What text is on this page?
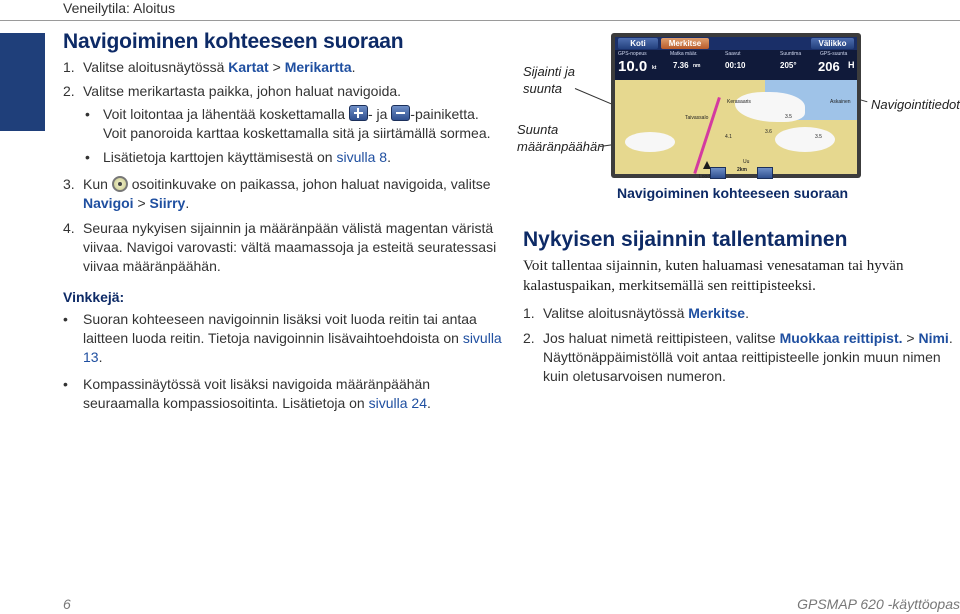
Veneilytila: Aloitus
Navigoiminen kohteeseen suoraan
1. Valitse aloitusnäytössä Kartat > Merikartta.
2. Valitse merikartasta paikka, johon haluat navigoida.
• Voit loitontaa ja lähentää koskettamalla
- ja
-painiketta. Voit panoroida karttaa koskettamalla sitä ja siirtämällä sormea.
• Lisätietoja karttojen käyttämisestä on sivulla 8.
3. Kun  osoitinkuvake on paikassa, johon haluat navigoida, valitse Navigoi > Siirry.
4. Seuraa nykyisen sijainnin ja määränpään välistä magentan väristä viivaa. Navigoi varovasti: vältä maamassoja ja esteitä seuratessasi viivaa määränpäähän.
Vinkkejä:
• Suoran kohteeseen navigoinnin lisäksi voit luoda reitin tai antaa laitteen luoda reitin. Tietoja navigoinnin lisävaihtoehdoista on sivulla 13.
• Kompassinäytössä voit lisäksi navigoida määränpäähän seuraamalla kompassiosoitinta. Lisätietoja on sivulla 24.
Sijainti ja suunta
Suunta määränpäähän
Navigointitiedot
Koti	Merkitse	Välikko
GPS-nopeus
10.0 kt
Matka määr.
7.36 nm
Saavut
00:10
Suuntima
205°
GPS-suunta
206 H
Kerasaaris
Taivassalo
Askainen
3.5
3.5
3.6
4.1
Uu
2km
Lood
Navigoiminen kohteeseen suoraan
Nykyisen sijainnin tallentaminen
Voit tallentaa sijainnin, kuten haluamasi venesataman tai hyvän kalastuspaikan, merkitsemällä sen reittipisteeksi.
1. Valitse aloitusnäytössä Merkitse.
2. Jos haluat nimetä reittipisteen, valitse Muokkaa reittipist. > Nimi. Näyttönäppäimistöllä voit antaa reittipisteelle jonkin muun nimen kuin oletusarvoisen numeron.
6	GPSMAP 620 -käyttöopas
